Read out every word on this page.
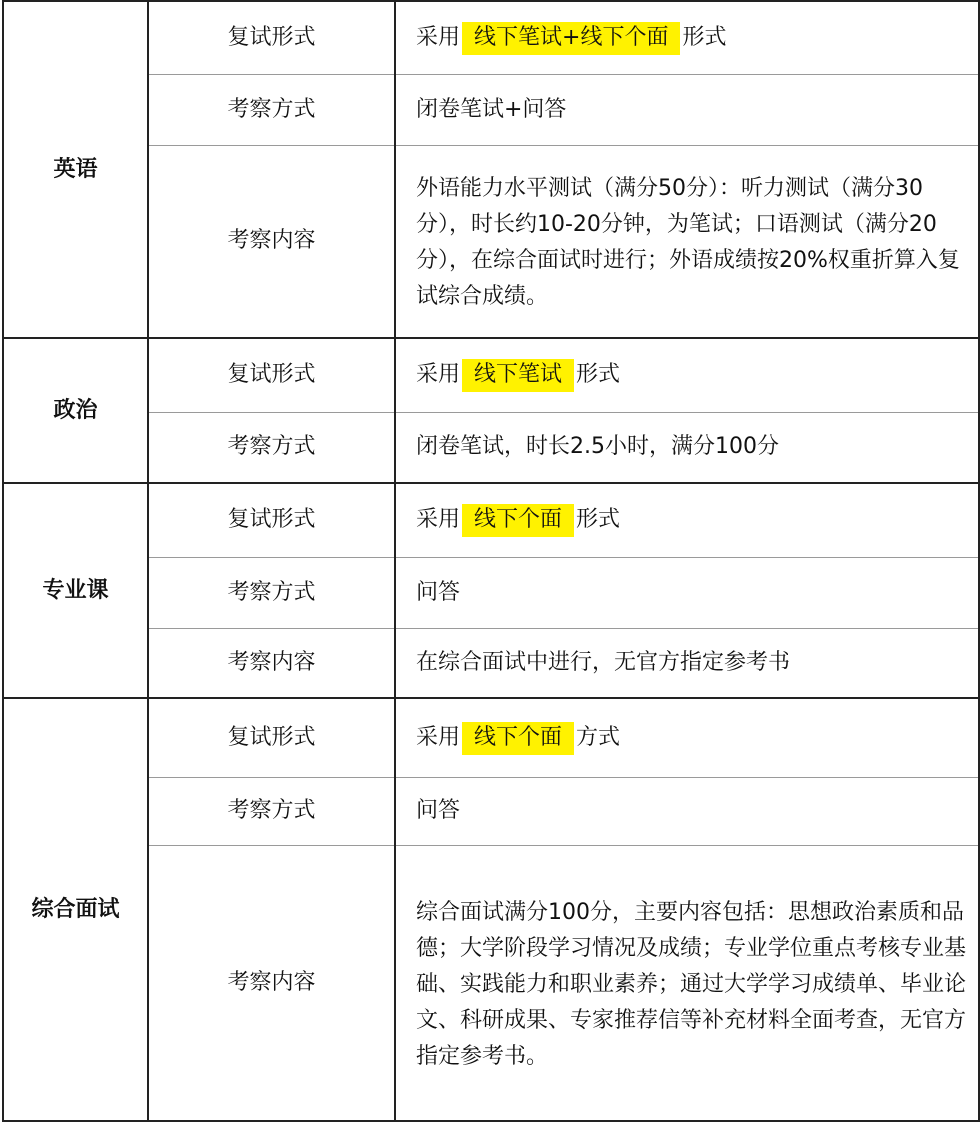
英语	复试形式	采用 线下笔试+线下个面 形式
	考察方式	闭卷笔试+问答
	考察内容	外语能力水平测试（满分50分）：听力测试（满分30分），时长约10-20分钟，为笔试；口语测试（满分20分），在综合面试时进行；外语成绩按20%权重折算入复试综合成绩。
政治	复试形式	采用 线下笔试 形式
	考察方式	闭卷笔试，时长2.5小时，满分100分
专业课	复试形式	采用 线下个面 形式
	考察方式	问答
	考察内容	在综合面试中进行，无官方指定参考书
综合面试	复试形式	采用 线下个面 方式
	考察方式	问答
	考察内容	综合面试满分100分，主要内容包括：思想政治素质和品德；大学阶段学习情况及成绩；专业学位重点考核专业基础、实践能力和职业素养；通过大学学习成绩单、毕业论文、科研成果、专家推荐信等补充材料全面考查，无官方指定参考书。
